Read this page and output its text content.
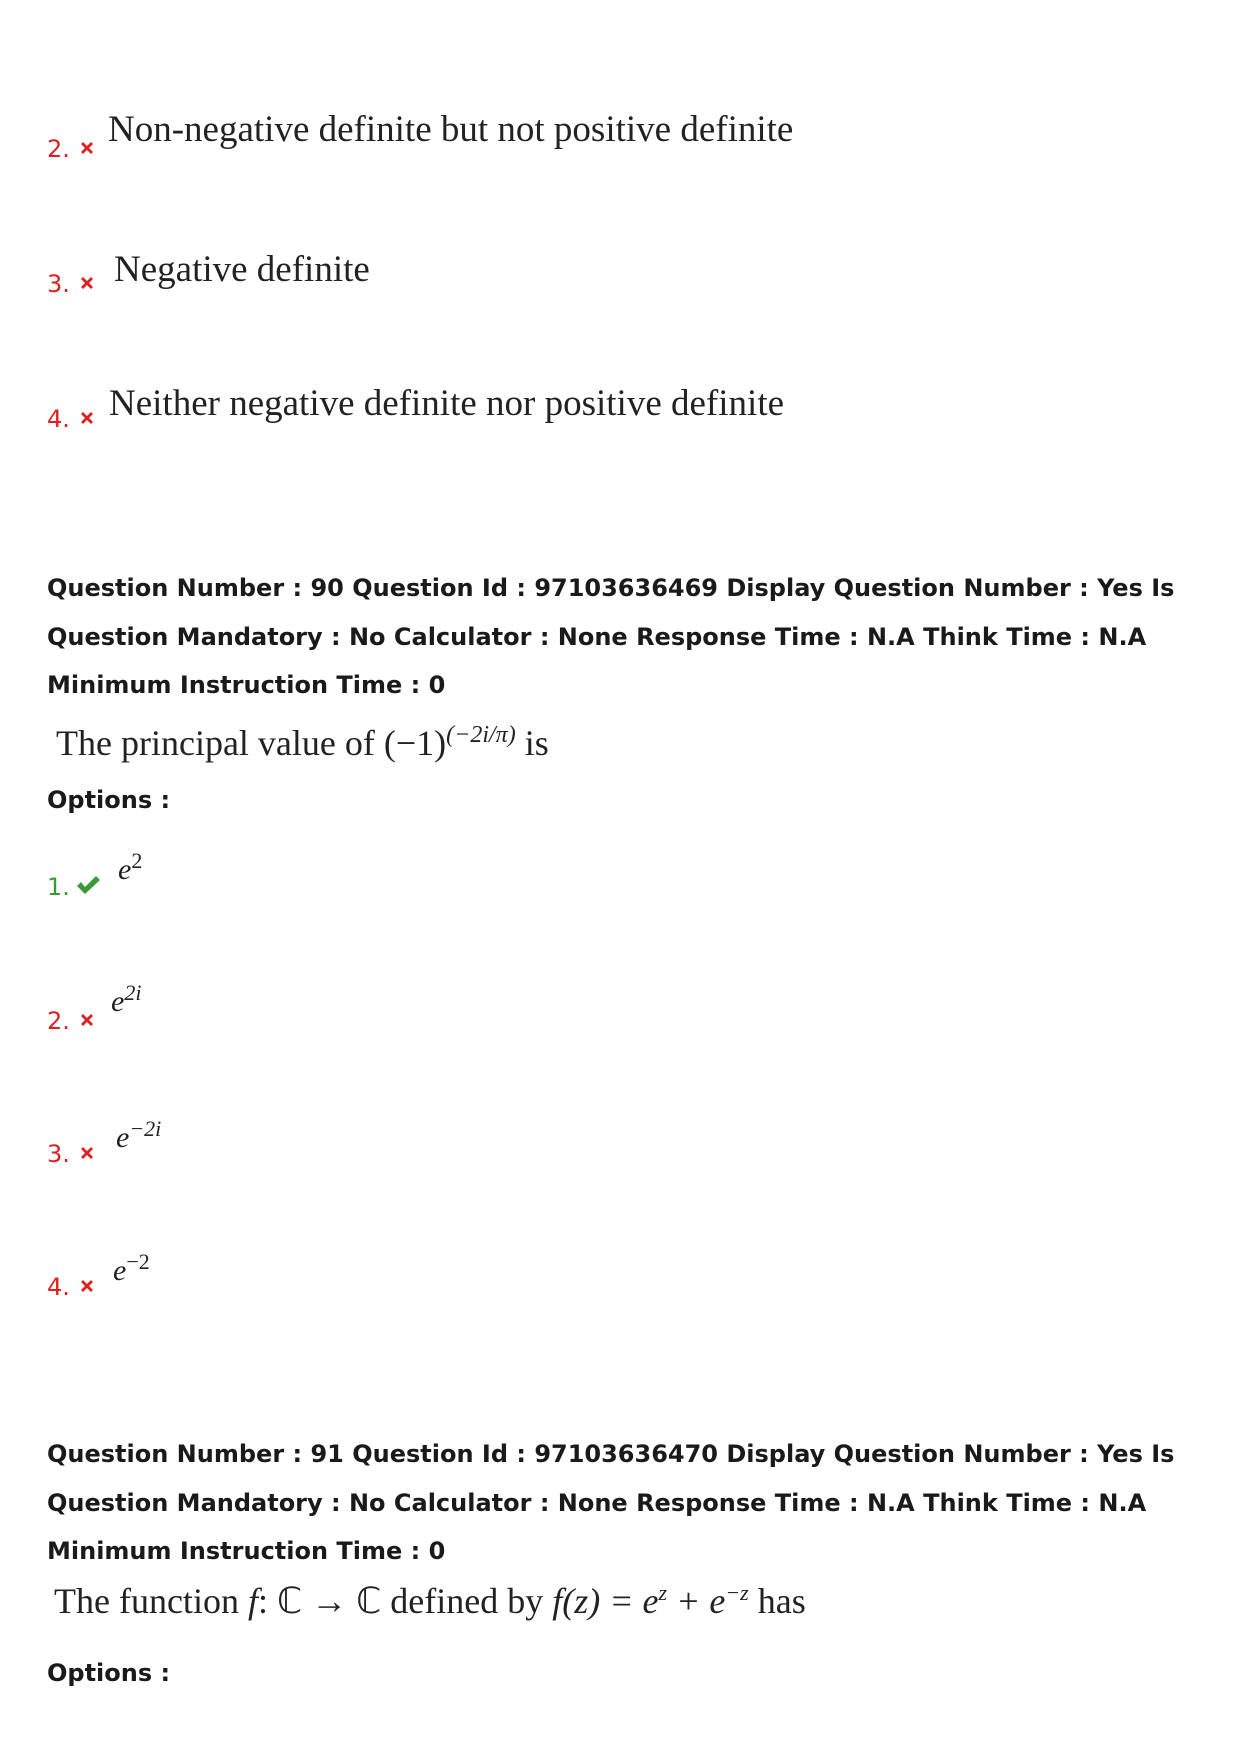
2. Non-negative definite but not positive definite
3. Negative definite
4. Neither negative definite nor positive definite
Question Number : 90 Question Id : 97103636469 Display Question Number : Yes Is Question Mandatory : No Calculator : None Response Time : N.A Think Time : N.A Minimum Instruction Time : 0
The principal value of $(-1)^{(-2i/\pi)}$ is
Options :
1.
$e^2$
2.
$e^{2i}$
3. $e^{-2i}$
4. $e^{-2}$
Question Number : 91 Question Id : 97103636470 Display Question Number : Yes Is Question Mandatory : No Calculator : None Response Time : N.A Think Time : N.A Minimum Instruction Time : 0
The function f: ℂ → ℂ defined by $f(z) = e^z + e^{-z}$ has
Options :
